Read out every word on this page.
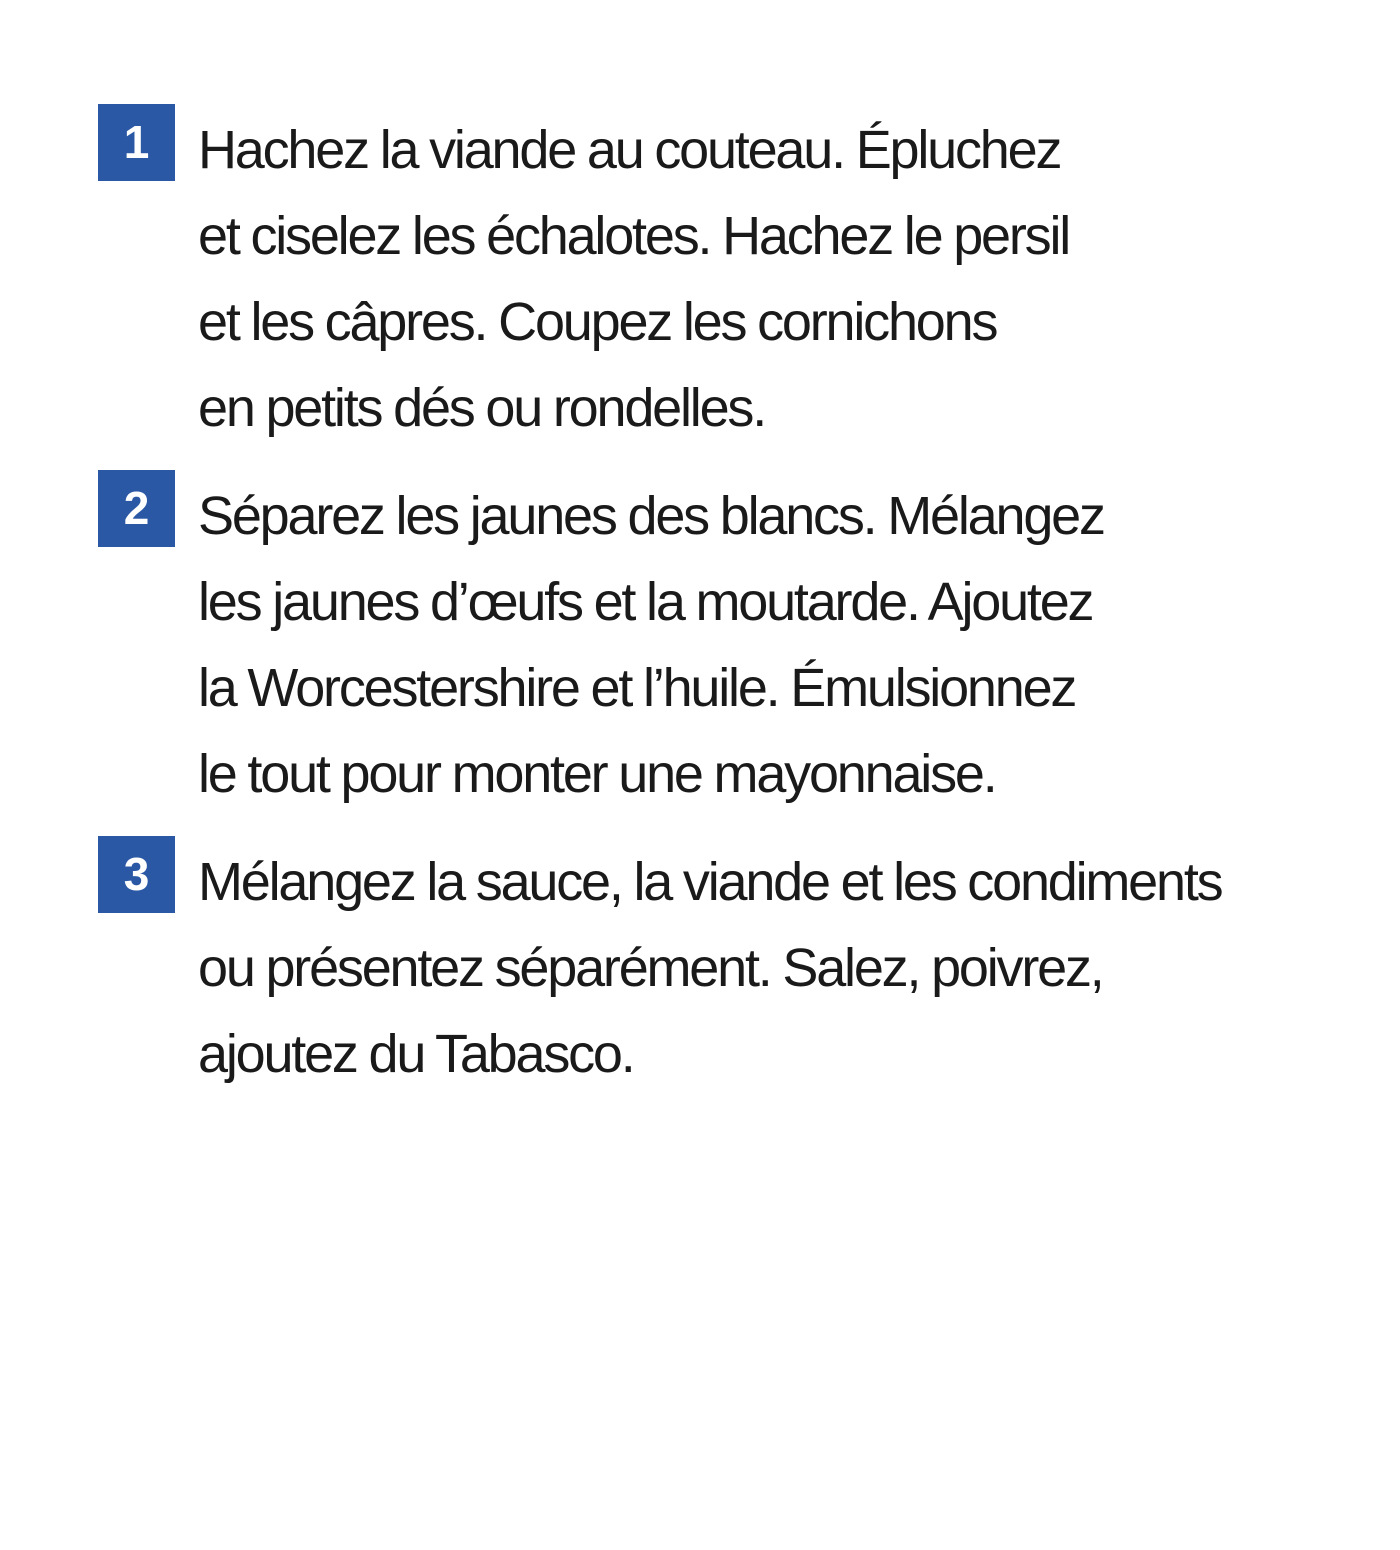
1 Hachez la viande au couteau. Épluchez
et ciselez les échalotes. Hachez le persil
et les câpres. Coupez les cornichons
en petits dés ou rondelles.
2 Séparez les jaunes des blancs. Mélangez
les jaunes d’œufs et la moutarde. Ajoutez
la Worcestershire et l’huile. Émulsionnez
le tout pour monter une mayonnaise.
3 Mélangez la sauce, la viande et les condiments
ou présentez séparément. Salez, poivrez,
ajoutez du Tabasco.
